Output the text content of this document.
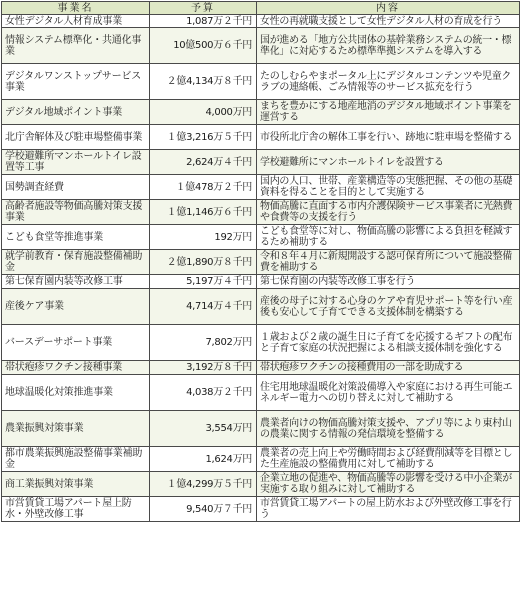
事業名	予算	内容
女性デジタル人材育成事業	1,087万２千円	女性の再就職支援として女性デジタル人材の育成を行う
情報システム標準化・共通化事業	10億500万６千円	国が進める「地方公共団体の基幹業務システムの統一・標準化」に対応するため標準準拠システムを導入する
デジタルワンストップサービス事業	２億4,134万８千円	たのしむらやまポータル上にデジタルコンテンツや児童クラブの連絡帳、ごみ情報等のサービス拡充を行う
デジタル地域ポイント事業	4,000万円	まちを豊かにする地産地消のデジタル地域ポイント事業を運営する
北庁舎解体及び駐車場整備事業	１億3,216万５千円	市役所北庁舎の解体工事を行い、跡地に駐車場を整備する
学校避難所マンホールトイレ設置等工事	2,624万４千円	学校避難所にマンホールトイレを設置する
国勢調査経費	１億478万２千円	国内の人口、世帯、産業構造等の実態把握、その他の基礎資料を得ることを目的として実施する
高齢者施設等物価高騰対策支援事業	１億1,146万６千円	物価高騰に直面する市内介護保険サービス事業者に光熱費や食費等の支援を行う
こども食堂等推進事業	192万円	こども食堂等に対し、物価高騰の影響による負担を軽減するため補助する
就学前教育・保育施設整備補助金	２億1,890万８千円	令和８年４月に新規開設する認可保育所について施設整備費を補助する
第七保育園内装等改修工事	5,197万４千円	第七保育園の内装等改修工事を行う
産後ケア事業	4,714万４千円	産後の母子に対する心身のケアや育児サポート等を行い産後も安心して子育てできる支援体制を構築する
バースデーサポート事業	7,802万円	１歳および２歳の誕生日に子育てを応援するギフトの配布と子育て家庭の状況把握による相談支援体制を強化する
帯状疱疹ワクチン接種事業	3,192万８千円	帯状疱疹ワクチンの接種費用の一部を助成する
地球温暖化対策推進事業	4,038万２千円	住宅用地球温暖化対策設備導入や家庭における再生可能エネルギー電力への切り替えに対して補助する
農業振興対策事業	3,554万円	農業者向けの物価高騰対策支援や、アプリ等により東村山の農業に関する情報の発信環境を整備する
都市農業振興施設整備事業補助金	1,624万円	農業者の売上向上や労働時間および経費削減等を目標とした生産施設の整備費用に対して補助する
商工業振興対策事業	１億4,299万５千円	企業立地の促進や、物価高騰等の影響を受ける中小企業が実施する取り組みに対して補助する
市営賃貸工場アパート屋上防水・外壁改修工事	9,540万７千円	市営賃貸工場アパートの屋上防水および外壁改修工事を行う
